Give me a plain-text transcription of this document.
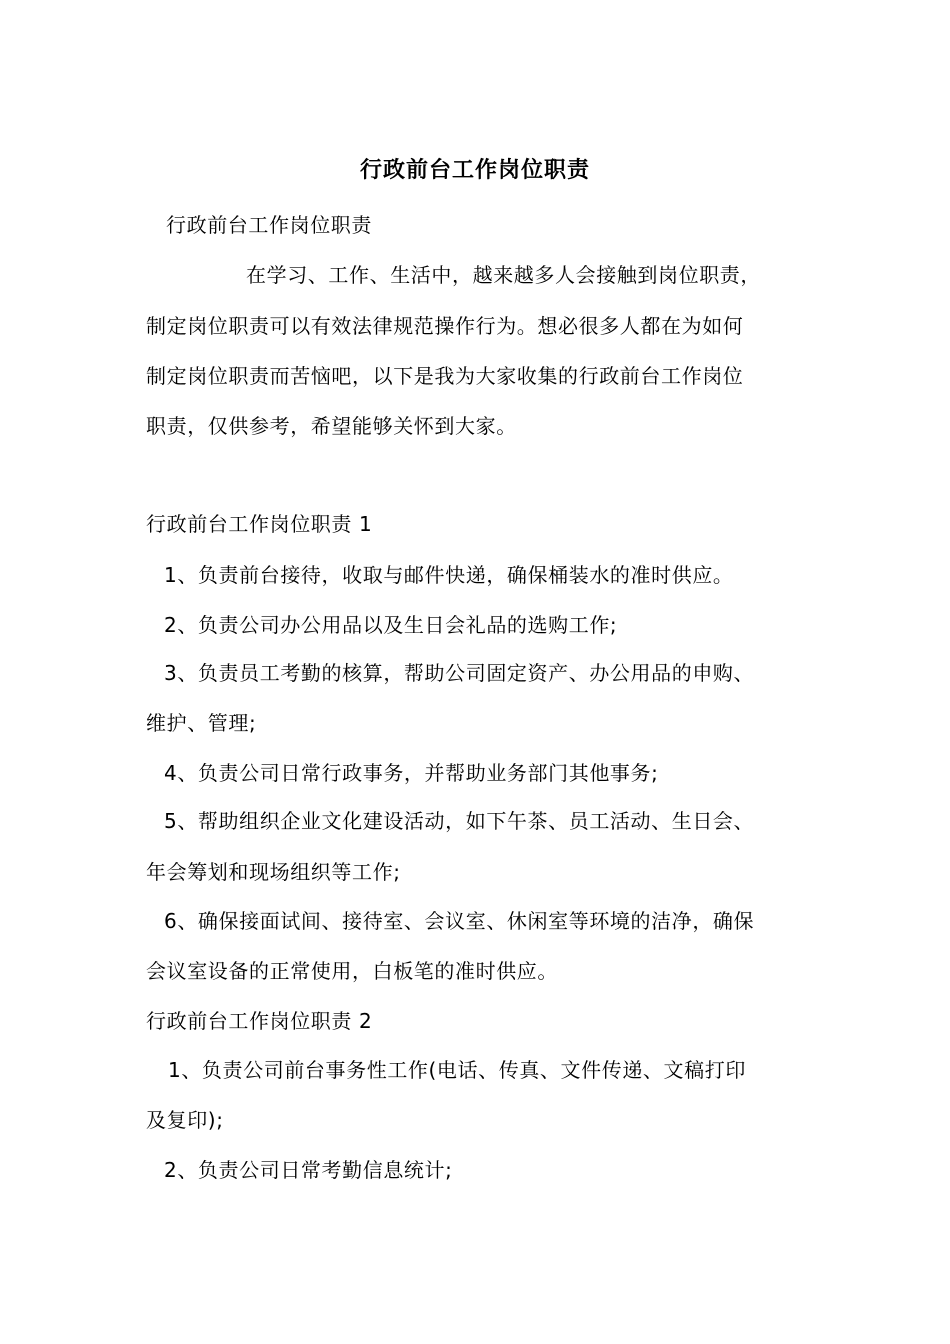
行政前台工作岗位职责
行政前台工作岗位职责
在学习、工作、生活中，越来越多人会接触到岗位职责，
制定岗位职责可以有效法律规范操作行为。想必很多人都在为如何
制定岗位职责而苦恼吧，以下是我为大家收集的行政前台工作岗位
职责，仅供参考，希望能够关怀到大家。
行政前台工作岗位职责 1
1、负责前台接待，收取与邮件快递，确保桶装水的准时供应。
2、负责公司办公用品以及生日会礼品的选购工作;
3、负责员工考勤的核算，帮助公司固定资产、办公用品的申购、
维护、管理;
4、负责公司日常行政事务，并帮助业务部门其他事务;
5、帮助组织企业文化建设活动，如下午茶、员工活动、生日会、
年会筹划和现场组织等工作;
6、确保接面试间、接待室、会议室、休闲室等环境的洁净，确保
会议室设备的正常使用，白板笔的准时供应。
行政前台工作岗位职责 2
1、负责公司前台事务性工作(电话、传真、文件传递、文稿打印
及复印);
2、负责公司日常考勤信息统计;
